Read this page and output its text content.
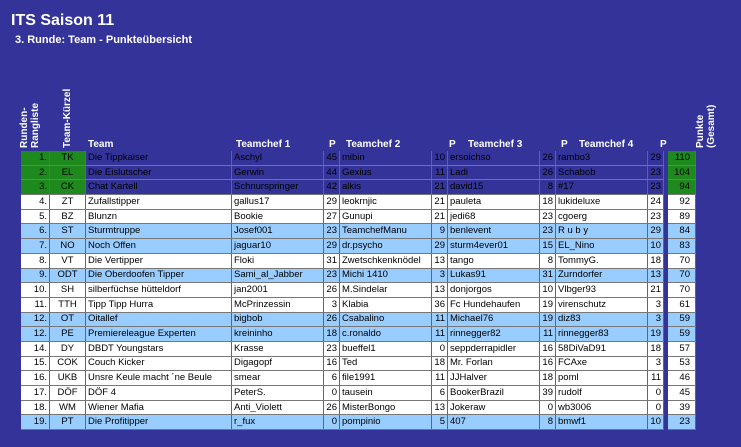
ITS Saison 11
3. Runde: Team - Punkteübersicht
Runden-
Rangliste Team-Kürzel	Punkte
(Gesamt)
Team	Teamchef 1	P Teamchef 2	P Teamchef 3	P Teamchef 4	P
1.	TK	Die Tippkaiser	Aschyl	45	mibin	10	ersoichso	26	rambo3	29		110
2.	EL	Die Eislutscher	Gerwin	44	Gexius	11	Ladi	26	Schabob	23		104
3.	CK	Chat Kartell	Schnurspringer	42	alkis	21	david15	8	#17	23		94
4.	ZT	Zufallstipper	gallus17	29	leokrnjic	21	pauleta	18	lukideluxe	24		92
5.	BZ	Blunzn	Bookie	27	Gunupi	21	jedi68	23	cgoerg	23		89
6.	ST	Sturmtruppe	Josef001	23	TeamchefManu	9	benlevent	23	R u b y	29		84
7.	NO	Noch Offen	jaguar10	29	dr.psycho	29	sturm4ever01	15	EL_Nino	10		83
8.	VT	Die Vertipper	Floki	31	Zwetschkenknödel	13	tango	8	TommyG.	18		70
9.	ODT	Die Oberdoofen Tipper	Sami_al_Jabber	23	Michi 1410	3	Lukas91	31	Zurndorfer	13		70
10.	SH	silberfüchse hütteldorf	jan2001	26	M.Sindelar	13	donjorgos	10	Vlbger93	21		70
11.	TTH	Tipp Tipp Hurra	McPrinzessin	3	Klabia	36	Fc Hundehaufen	19	virenschutz	3		61
12.	OT	Oitallef	bigbob	26	Csabalino	11	Michael76	19	diz83	3		59
12.	PE	Premiereleague Experten	kreininho	18	c.ronaldo	11	rinnegger82	11	rinnegger83	19		59
14.	DY	DBDT Youngstars	Krasse	23	bueffel1	0	seppderrapidler	16	58DiVaD91	18		57
15.	COK	Couch Kicker	Digagopf	16	Ted	18	Mr. Forlan	16	FCAxe	3		53
16.	UKB	Unsre Keule macht ´ne Beule	smear	6	file1991	11	JJHalver	18	poml	11		46
17.	DÖF	DÖF 4	PeterS.	0	tausein	6	BookerBrazil	39	rudolf	0		45
18.	WM	Wiener Mafia	Anti_Violett	26	MisterBongo	13	Jokeraw	0	wb3006	0		39
19.	PT	Die Profitipper	r_fux	0	pompinio	5	407	8	bmwf1	10		23
